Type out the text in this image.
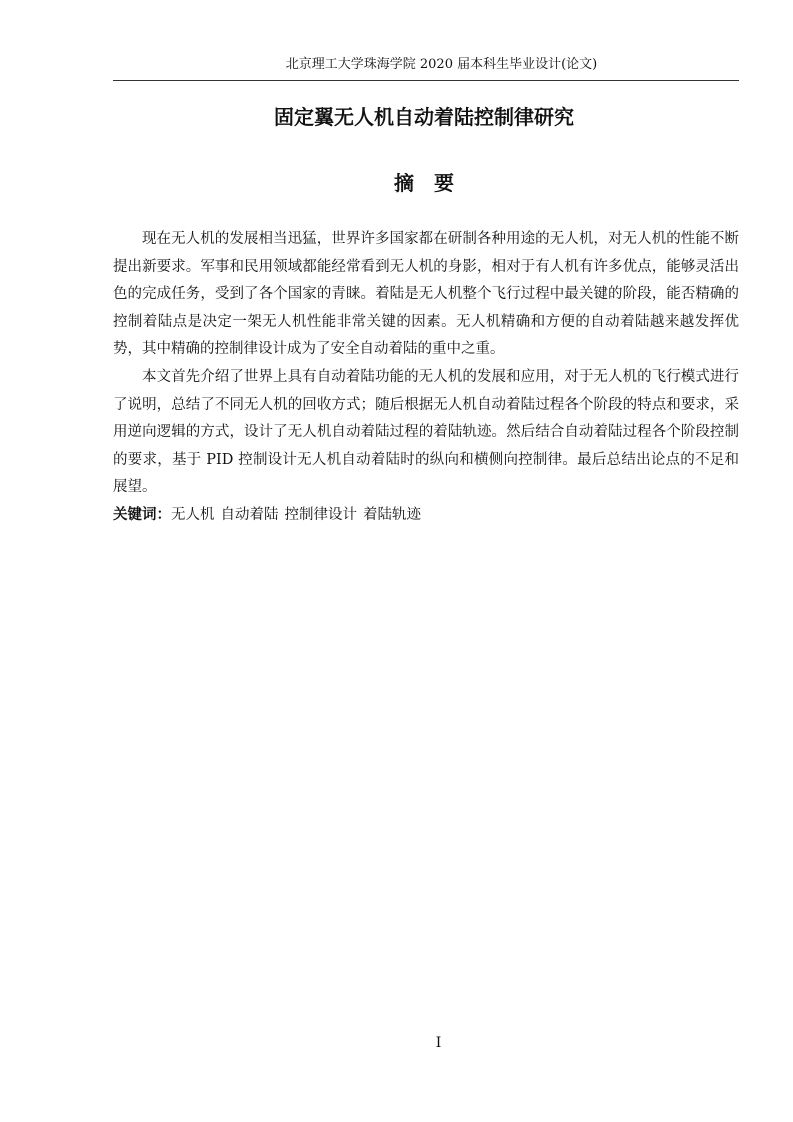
北京理工大学珠海学院 2020 届本科生毕业设计(论文)
固定翼无人机自动着陆控制律研究
摘要

现在无人机的发展相当迅猛，世界许多国家都在研制各种用途的无人机，对无人机的性能不断提出新要求。军事和民用领域都能经常看到无人机的身影，相对于有人机有许多优点，能够灵活出色的完成任务，受到了各个国家的青睐。着陆是无人机整个飞行过程中最关键的阶段，能否精确的控制着陆点是决定一架无人机性能非常关键的因素。无人机精确和方便的自动着陆越来越发挥优势，其中精确的控制律设计成为了安全自动着陆的重中之重。

本文首先介绍了世界上具有自动着陆功能的无人机的发展和应用，对于无人机的飞行模式进行了说明，总结了不同无人机的回收方式；随后根据无人机自动着陆过程各个阶段的特点和要求，采用逆向逻辑的方式，设计了无人机自动着陆过程的着陆轨迹。然后结合自动着陆过程各个阶段控制的要求，基于 PID 控制设计无人机自动着陆时的纵向和横侧向控制律。最后总结出论点的不足和展望。

关键词：无人机 自动着陆 控制律设计 着陆轨迹
I
